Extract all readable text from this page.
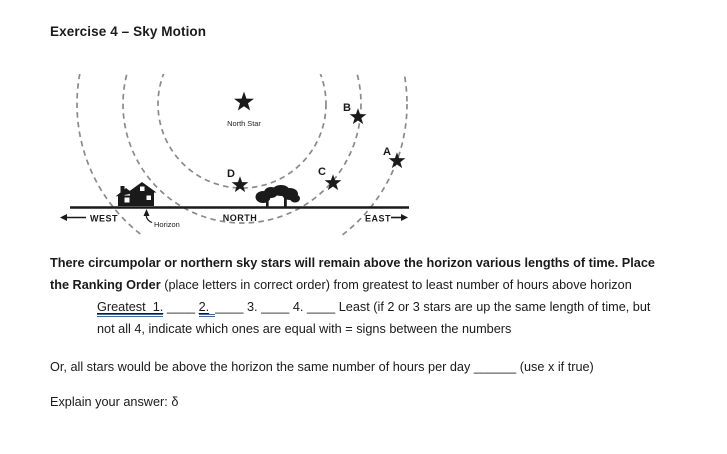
Exercise 4 – Sky Motion
North Star
A
B
C
D
WEST	NORTH	EAST
Horizon
There circumpolar or northern sky stars will remain above the horizon various lengths of time. Place
the Ranking Order (place letters in correct order) from greatest to least number of hours above horizon
Greatest  1. ____ 2. ____ 3. ____ 4. ____ Least (if 2 or 3 stars are up the same length of time, but
not all 4, indicate which ones are equal with = signs between the numbers
Or, all stars would be above the horizon the same number of hours per day ______ (use x if true)
Explain your answer: δ
